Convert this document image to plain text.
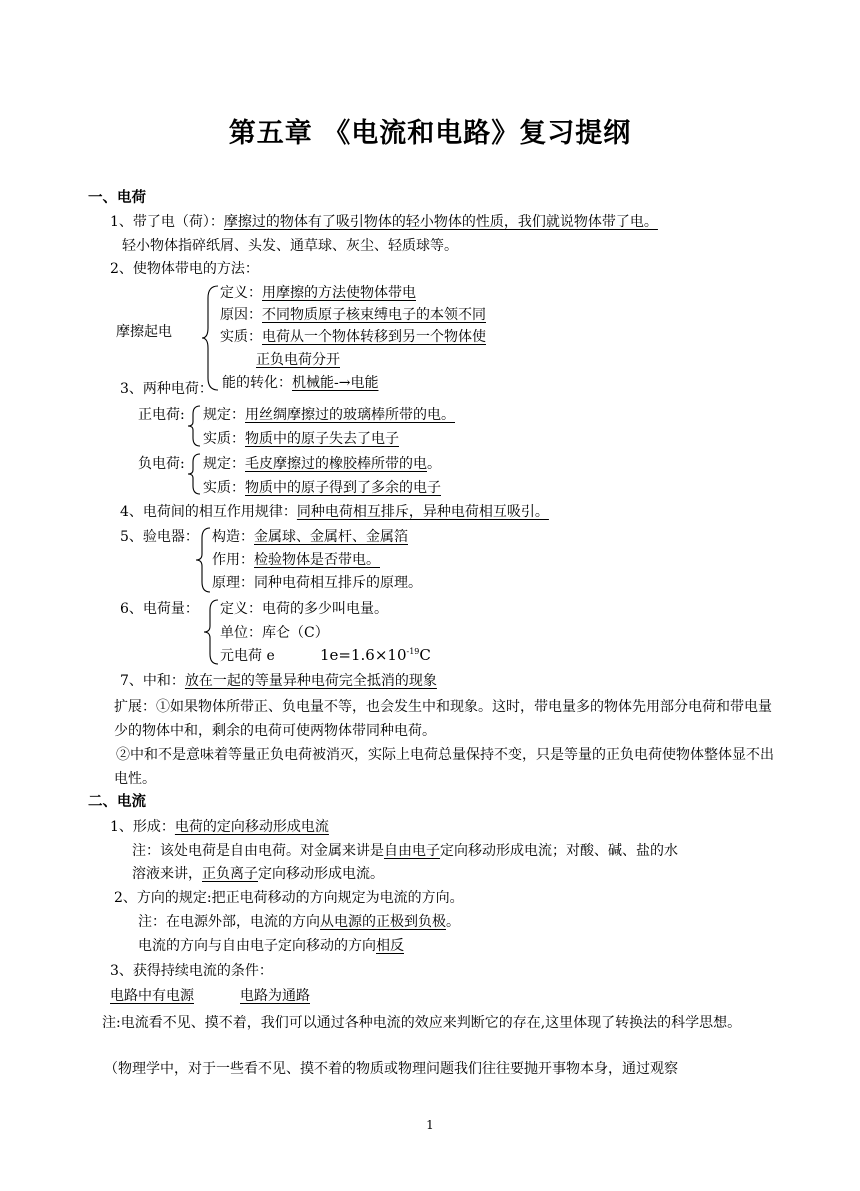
第五章 《电流和电路》复习提纲
一、电荷
1、带了电（荷）：摩擦过的物体有了吸引物体的轻小物体的性质，我们就说物体带了电。
轻小物体指碎纸屑、头发、通草球、灰尘、轻质球等。
2、使物体带电的方法：
摩擦起电
定义：用摩擦的方法使物体带电
原因：不同物质原子核束缚电子的本领不同
实质：电荷从一个物体转移到另一个物体使
正负电荷分开
能的转化：机械能-→电能
3、两种电荷：
正电荷: 规定：用丝绸摩擦过的玻璃棒所带的电。
实质：物质中的原子失去了电子
负电荷: 规定：毛皮摩擦过的橡胶棒所带的电。
实质：物质中的原子得到了多余的电子
4、电荷间的相互作用规律：同种电荷相互排斥，异种电荷相互吸引。
5、验电器： 构造：金属球、金属杆、金属箔
作用：检验物体是否带电。
原理：同种电荷相互排斥的原理。
6、电荷量： 定义：电荷的多少叫电量。
单位：库仑（C）
元电荷 e	$1e=1.6\times 10^{-19}C$
7、中和：放在一起的等量异种电荷完全抵消的现象
扩展：①如果物体所带正、负电量不等，也会发生中和现象。这时，带电量多的物体先用部分电荷和带电量少的物体中和，剩余的电荷可使两物体带同种电荷。
②中和不是意味着等量正负电荷被消灭，实际上电荷总量保持不变，只是等量的正负电荷使物体整体显不出电性。
二、电流
1、形成：电荷的定向移动形成电流
注：该处电荷是自由电荷。对金属来讲是自由电子定向移动形成电流；对酸、碱、盐的水
溶液来讲，正负离子定向移动形成电流。
2、方向的规定:把正电荷移动的方向规定为电流的方向。
注：在电源外部，电流的方向从电源的正极到负极。
电流的方向与自由电子定向移动的方向相反
3、获得持续电流的条件：
电路中有电源	电路为通路
注:电流看不见、摸不着，我们可以通过各种电流的效应来判断它的存在,这里体现了转换法的科学思想。
（物理学中，对于一些看不见、摸不着的物质或物理问题我们往往要抛开事物本身，通过观察
1
